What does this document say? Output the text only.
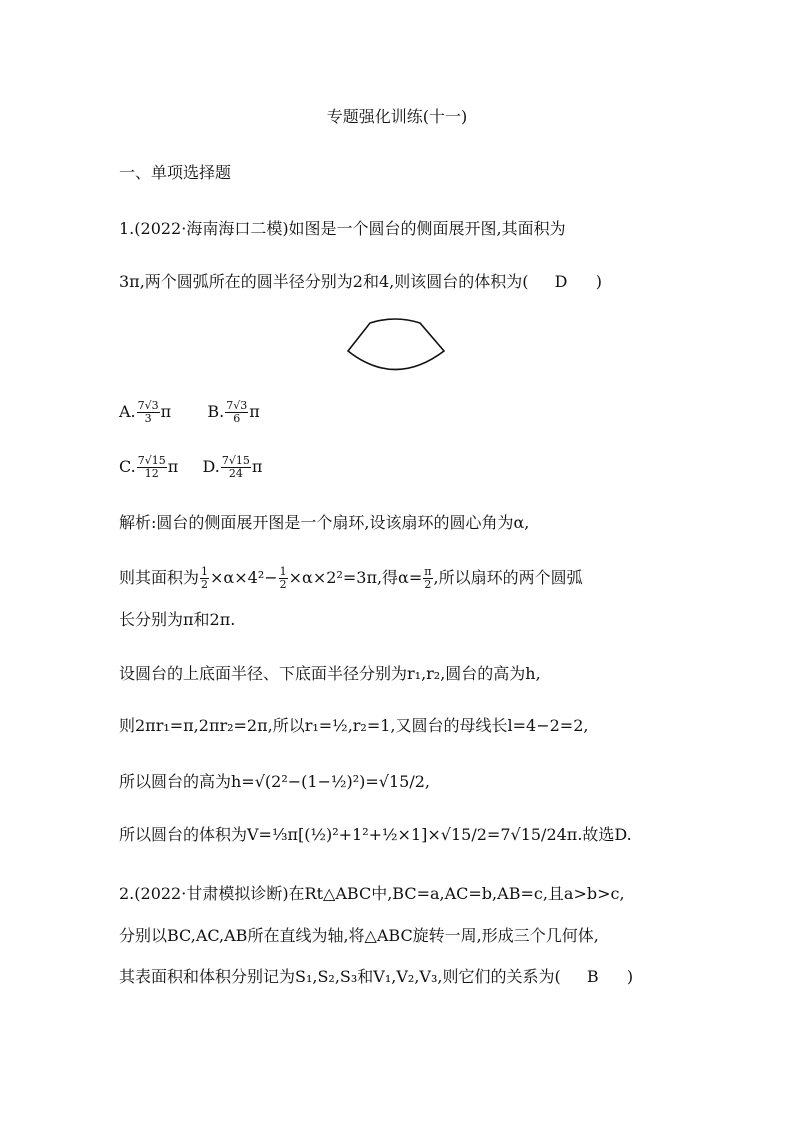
专题强化训练(十一)
一、单项选择题
1.(2022·海南海口二模)如图是一个圆台的侧面展开图,其面积为
3π,两个圆弧所在的圆半径分别为2和4,则该圆台的体积为( D )
A. $\frac{7√3}{3}$ π B. $\frac{7√3}{6}$ π
C. $\frac{7√15}{12}$ π D. $\frac{7√15}{24}$ π
解析:圆台的侧面展开图是一个扇环,设该扇环的圆心角为α,
则其面积为 $\frac{1}{2} \times\alpha\times 4^2- \frac{1}{2} \times\alpha\times 2^2=3\pi$,得$\alpha= \frac{\pi}{2}$ ,所以扇环的两个圆弧
长分别为π和2π.
设圆台的上底面半径、下底面半径分别为r₁,r₂,圆台的高为h,
则2πr₁=π,2πr₂=2π,所以r₁=½,r₂=1,又圆台的母线长l=4−2=2,
所以圆台的高为h=√(2²−(1−½)²)=√15/2,
所以圆台的体积为V=⅓π[(½)²+1²+½×1]×√15/2=7√15/24π.故选D.
2.(2022·甘肃模拟诊断)在Rt△ABC中,BC=a,AC=b,AB=c,且a>b>c,
分别以BC,AC,AB所在直线为轴,将△ABC旋转一周,形成三个几何体,
其表面积和体积分别记为S₁,S₂,S₃和V₁,V₂,V₃,则它们的关系为( B )
